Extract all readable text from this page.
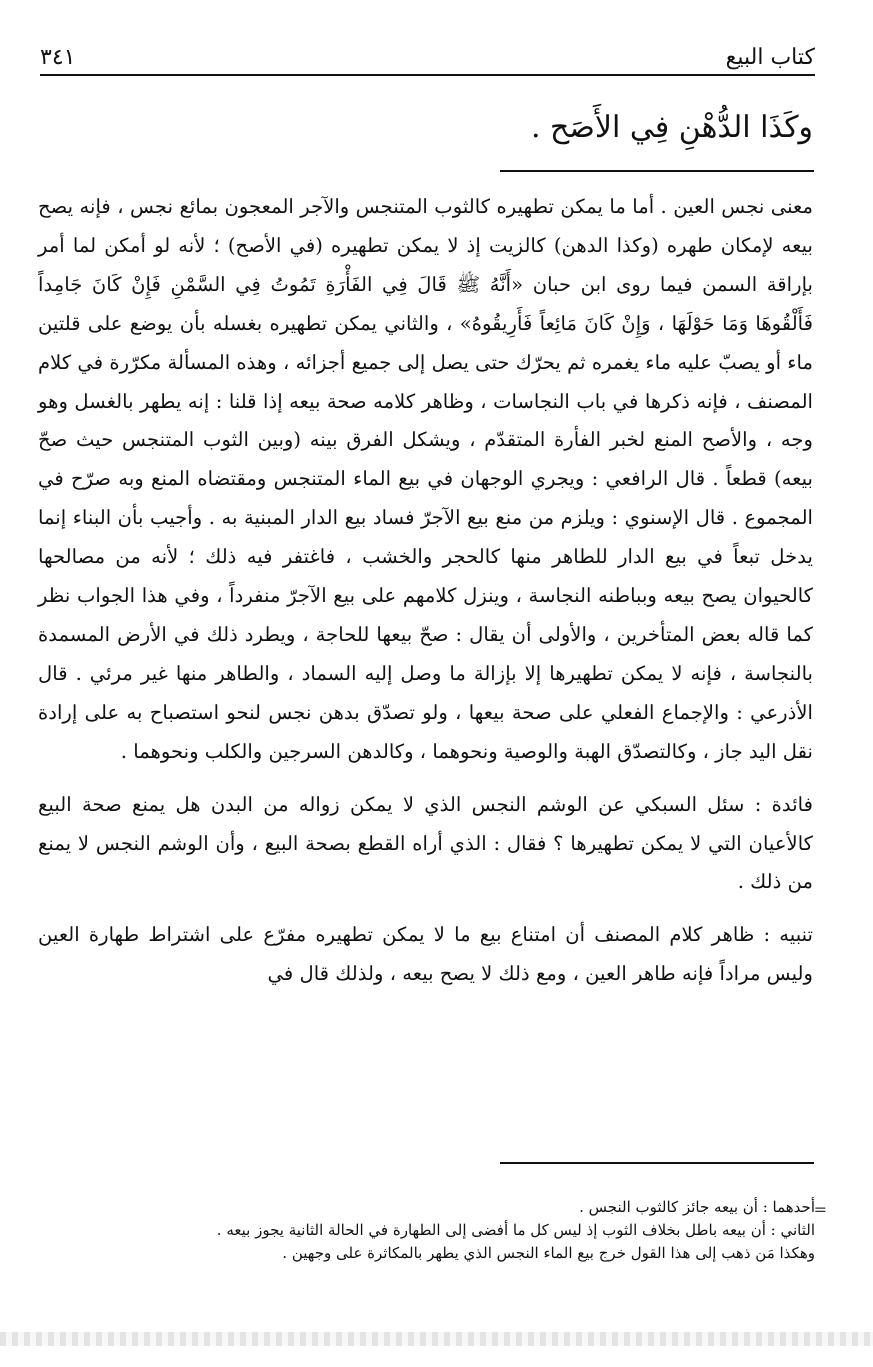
٣٤١	كتاب البيع
وكَذَا الدُّهْنِ فِي الأَصَح .

معنى نجس العين . أما ما يمكن تطهيره كالثوب المتنجس والآجر المعجون بمائع نجس ، فإنه يصح بيعه لإمكان طهره (وكذا الدهن) كالزيت إذ لا يمكن تطهيره (في الأصح) ؛ لأنه لو أمكن لما أمر بإراقة السمن فيما روى ابن حبان «أَنَّهُ ﷺ قَالَ فِي الفَأْرَةِ تَمُوتُ فِي السَّمْنِ فَإِنْ كَانَ جَامِداً فَأَلْقُوهَا وَمَا حَوْلَهَا ، وَإِنْ كَانَ مَائِعاً فَأَرِيقُوهُ» ، والثاني يمكن تطهيره بغسله بأن يوضع على قلتين ماء أو يصبّ عليه ماء يغمره ثم يحرّك حتى يصل إلى جميع أجزائه ، وهذه المسألة مكرّرة في كلام المصنف ، فإنه ذكرها في باب النجاسات ، وظاهر كلامه صحة بيعه إذا قلنا : إنه يطهر بالغسل وهو وجه ، والأصح المنع لخبر الفأرة المتقدّم ، ويشكل الفرق بينه (وبين الثوب المتنجس حيث صحّ بيعه) قطعاً . قال الرافعي : ويجري الوجهان في بيع الماء المتنجس ومقتضاه المنع وبه صرّح في المجموع . قال الإسنوي : ويلزم من منع بيع الآجرّ فساد بيع الدار المبنية به . وأجيب بأن البناء إنما يدخل تبعاً في بيع الدار للطاهر منها كالحجر والخشب ، فاغتفر فيه ذلك ؛ لأنه من مصالحها كالحيوان يصح بيعه وبباطنه النجاسة ، وينزل كلامهم على بيع الآجرّ منفرداً ، وفي هذا الجواب نظر كما قاله بعض المتأخرين ، والأولى أن يقال : صحّ بيعها للحاجة ، ويطرد ذلك في الأرض المسمدة بالنجاسة ، فإنه لا يمكن تطهيرها إلا بإزالة ما وصل إليه السماد ، والطاهر منها غير مرئي . قال الأذرعي : والإجماع الفعلي على صحة بيعها ، ولو تصدّق بدهن نجس لنحو استصباح به على إرادة نقل اليد جاز ، وكالتصدّق الهبة والوصية ونحوهما ، وكالدهن السرجين والكلب ونحوهما .

فائدة : سئل السبكي عن الوشم النجس الذي لا يمكن زواله من البدن هل يمنع صحة البيع كالأعيان التي لا يمكن تطهيرها ؟ فقال : الذي أراه القطع بصحة البيع ، وأن الوشم النجس لا يمنع من ذلك .

تنبيه : ظاهر كلام المصنف أن امتناع بيع ما لا يمكن تطهيره مفرّع على اشتراط طهارة العين وليس مراداً فإنه طاهر العين ، ومع ذلك لا يصح بيعه ، ولذلك قال في

=

أحدهما : أن بيعه جائز كالثوب النجس .

الثاني : أن بيعه باطل بخلاف الثوب إذ ليس كل ما أفضى إلى الطهارة في الحالة الثانية يجوز بيعه .

وهكذا مَن ذهب إلى هذا القول خرج بيع الماء النجس الذي يطهر بالمكاثرة على وجهين .
